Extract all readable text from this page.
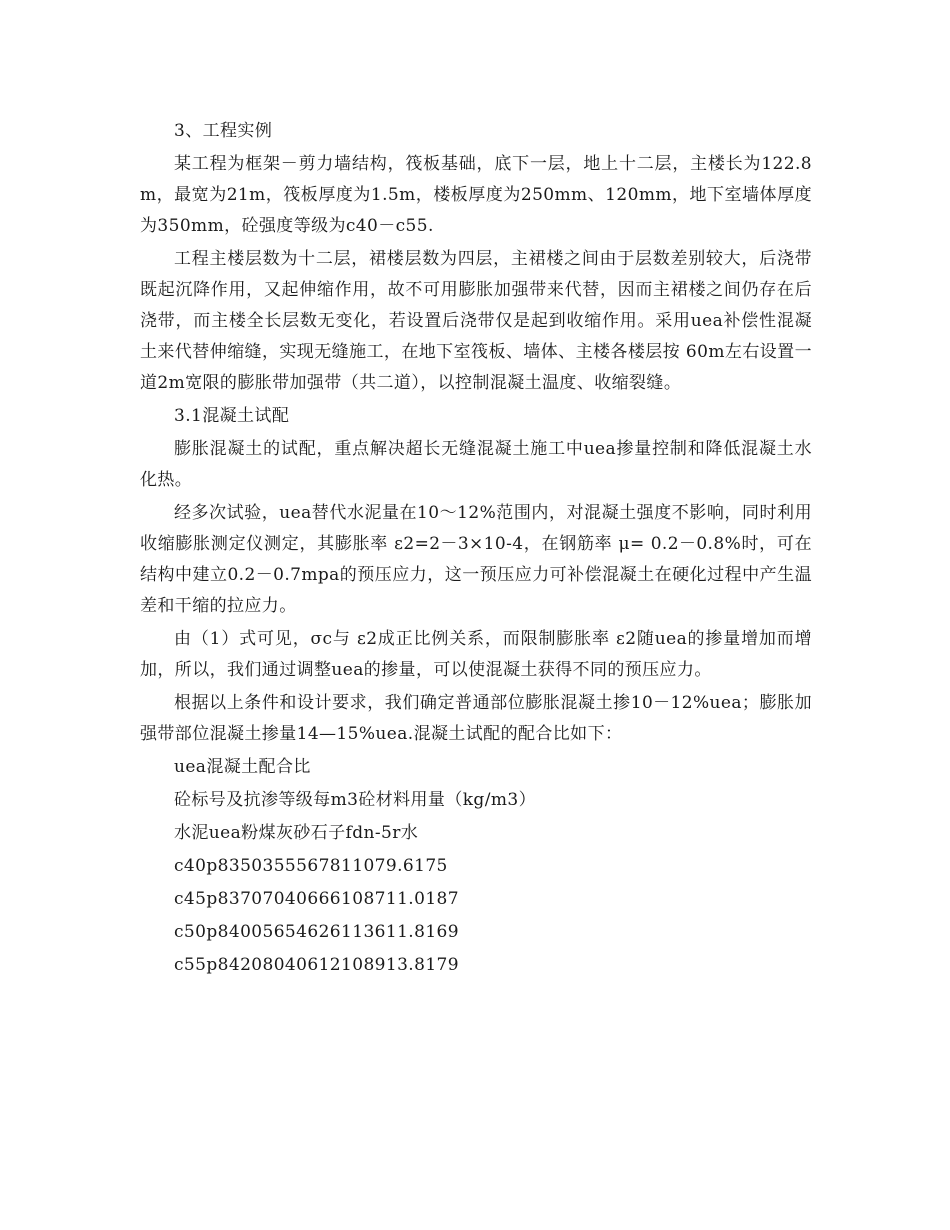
3、工程实例

某工程为框架－剪力墙结构，筏板基础，底下一层，地上十二层，主楼长为122.8m，最宽为21m，筏板厚度为1.5m，楼板厚度为250mm、120mm，地下室墙体厚度为350mm，砼强度等级为c40－c55.

工程主楼层数为十二层，裙楼层数为四层，主裙楼之间由于层数差别较大，后浇带既起沉降作用，又起伸缩作用，故不可用膨胀加强带来代替，因而主裙楼之间仍存在后浇带，而主楼全长层数无变化，若设置后浇带仅是起到收缩作用。采用uea补偿性混凝土来代替伸缩缝，实现无缝施工，在地下室筏板、墙体、主楼各楼层按 60m左右设置一道2m宽限的膨胀带加强带（共二道），以控制混凝土温度、收缩裂缝。

3.1混凝土试配

膨胀混凝土的试配，重点解决超长无缝混凝土施工中uea掺量控制和降低混凝土水化热。

经多次试验，uea替代水泥量在10～12%范围内，对混凝土强度不影响，同时利用收缩膨胀测定仪测定，其膨胀率 ε2=2－3×10-4，在钢筋率 μ= 0.2－0.8%时，可在结构中建立0.2－0.7mpa的预压应力，这一预压应力可补偿混凝土在硬化过程中产生温差和干缩的拉应力。

由（1）式可见，σc与 ε2成正比例关系，而限制膨胀率 ε2随uea的掺量增加而增加，所以，我们通过调整uea的掺量，可以使混凝土获得不同的预压应力。

根据以上条件和设计要求，我们确定普通部位膨胀混凝土掺10－12%uea；膨胀加强带部位混凝土掺量14—15%uea.混凝土试配的配合比如下：

uea混凝土配合比

砼标号及抗渗等级每m3砼材料用量（kg/m3）

水泥uea粉煤灰砂石子fdn-5r水

c40p8350355567811079.6175

c45p83707040666108711.0187

c50p84005654626113611.8169

c55p84208040612108913.8179
